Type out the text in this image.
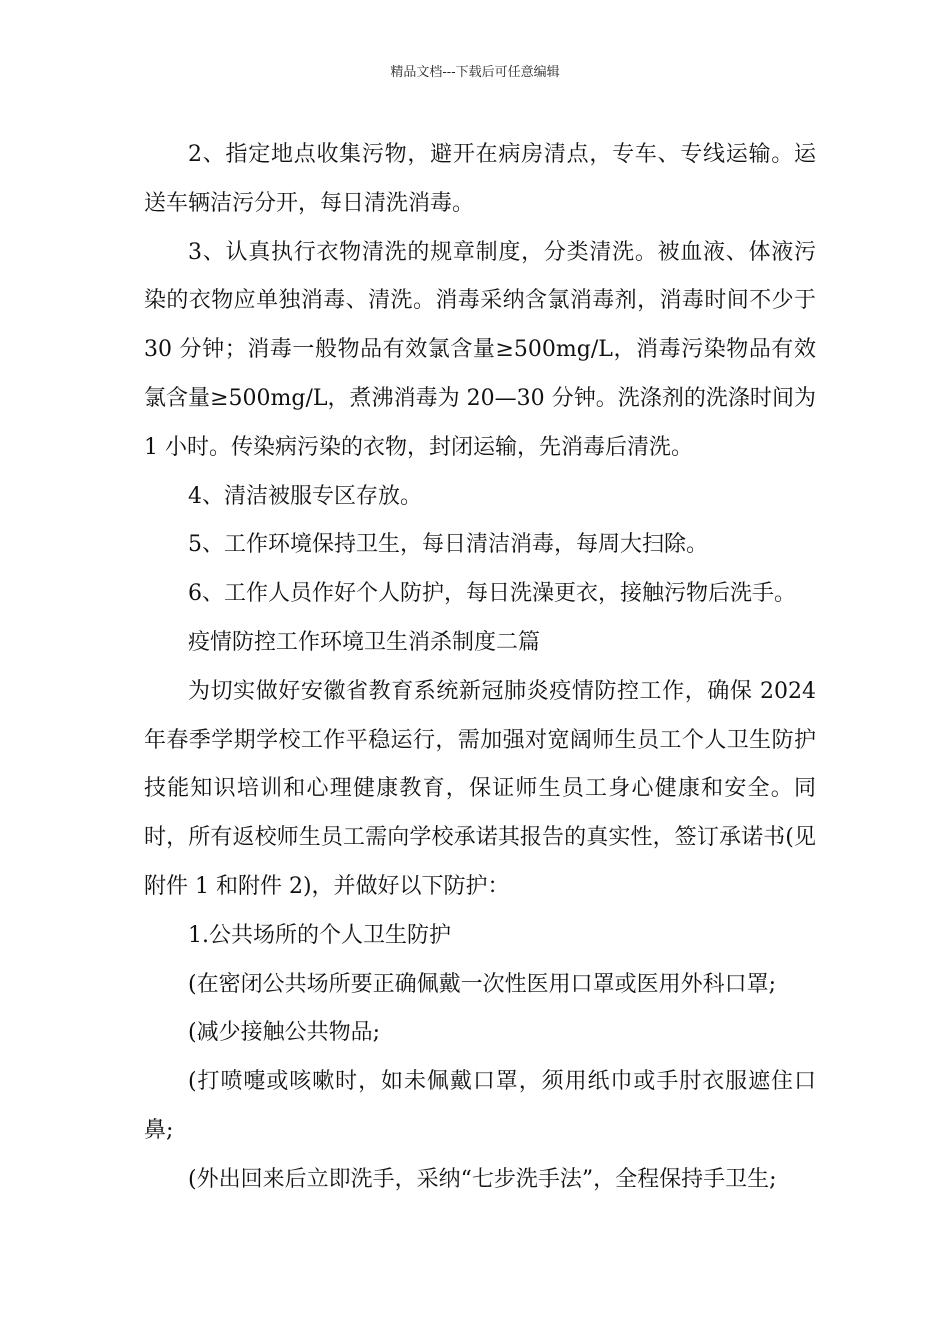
精品文档---下载后可任意编辑

2、指定地点收集污物，避开在病房清点，专车、专线运输。运送车辆洁污分开，每日清洗消毒。

3、认真执行衣物清洗的规章制度，分类清洗。被血液、体液污染的衣物应单独消毒、清洗。消毒采纳含氯消毒剂，消毒时间不少于 30 分钟；消毒一般物品有效氯含量≥500mg/L，消毒污染物品有效氯含量≥500mg/L，煮沸消毒为 20—30 分钟。洗涤剂的洗涤时间为 1 小时。传染病污染的衣物，封闭运输，先消毒后清洗。

4、清洁被服专区存放。

5、工作环境保持卫生，每日清洁消毒，每周大扫除。

6、工作人员作好个人防护，每日洗澡更衣，接触污物后洗手。

疫情防控工作环境卫生消杀制度二篇

为切实做好安徽省教育系统新冠肺炎疫情防控工作，确保 2024 年春季学期学校工作平稳运行，需加强对宽阔师生员工个人卫生防护技能知识培训和心理健康教育，保证师生员工身心健康和安全。同时，所有返校师生员工需向学校承诺其报告的真实性，签订承诺书(见附件 1 和附件 2)，并做好以下防护：

1.公共场所的个人卫生防护

(在密闭公共场所要正确佩戴一次性医用口罩或医用外科口罩;

(减少接触公共物品;

(打喷嚏或咳嗽时，如未佩戴口罩，须用纸巾或手肘衣服遮住口鼻;

(外出回来后立即洗手，采纳“七步洗手法”，全程保持手卫生;
